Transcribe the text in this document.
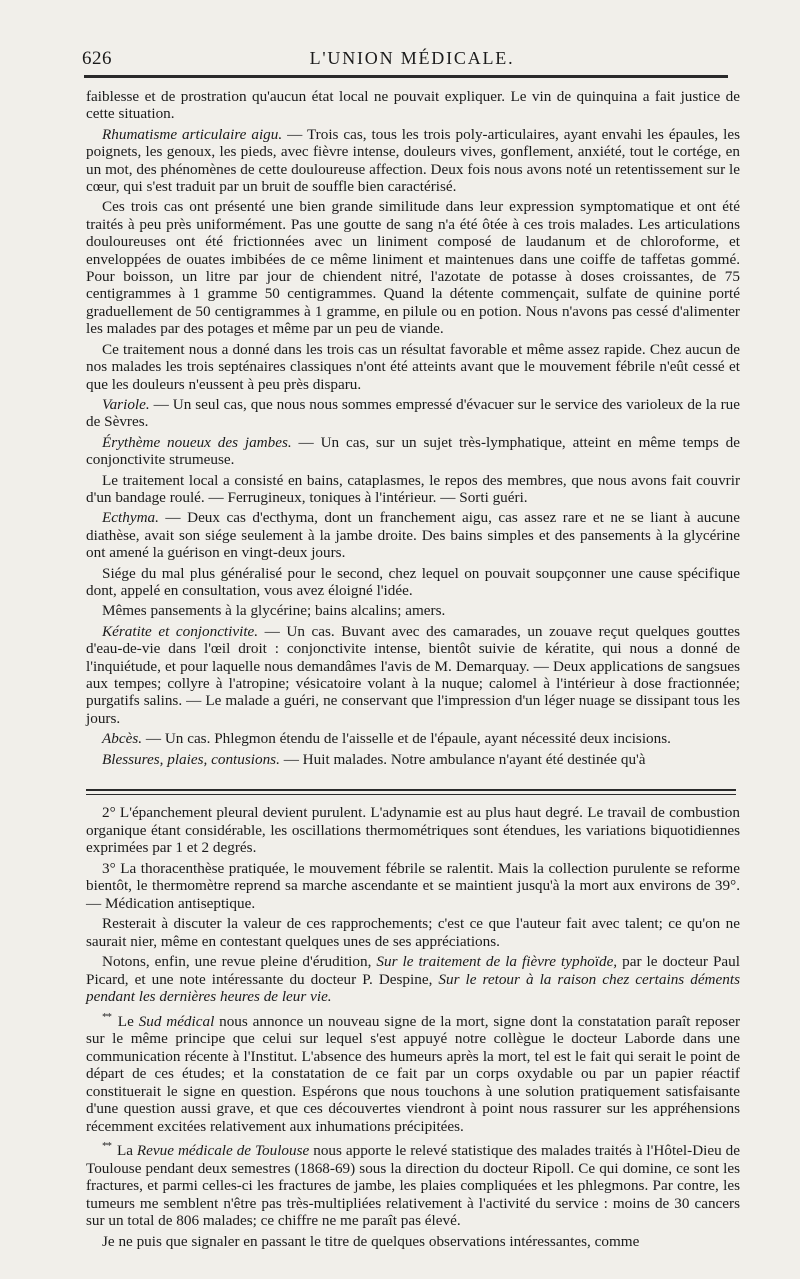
626	L'UNION MÉDICALE.

faiblesse et de prostration qu'aucun état local ne pouvait expliquer. Le vin de quinquina a fait justice de cette situation.

Rhumatisme articulaire aigu. — Trois cas, tous les trois poly-articulaires, ayant envahi les épaules, les poignets, les genoux, les pieds, avec fièvre intense, douleurs vives, gonflement, anxiété, tout le cortége, en un mot, des phénomènes de cette douloureuse affection. Deux fois nous avons noté un retentissement sur le cœur, qui s'est traduit par un bruit de souffle bien caractérisé.

Ces trois cas ont présenté une bien grande similitude dans leur expression symptomatique et ont été traités à peu près uniformément. Pas une goutte de sang n'a été ôtée à ces trois malades. Les articulations douloureuses ont été frictionnées avec un liniment composé de laudanum et de chloroforme, et enveloppées de ouates imbibées de ce même liniment et maintenues dans une coiffe de taffetas gommé. Pour boisson, un litre par jour de chiendent nitré, l'azotate de potasse à doses croissantes, de 75 centigrammes à 1 gramme 50 centigrammes. Quand la détente commençait, sulfate de quinine porté graduellement de 50 centigrammes à 1 gramme, en pilule ou en potion. Nous n'avons pas cessé d'alimenter les malades par des potages et même par un peu de viande.

Ce traitement nous a donné dans les trois cas un résultat favorable et même assez rapide. Chez aucun de nos malades les trois septénaires classiques n'ont été atteints avant que le mouvement fébrile n'eût cessé et que les douleurs n'eussent à peu près disparu.

Variole. — Un seul cas, que nous nous sommes empressé d'évacuer sur le service des varioleux de la rue de Sèvres.

Érythème noueux des jambes. — Un cas, sur un sujet très-lymphatique, atteint en même temps de conjonctivite strumeuse.

Le traitement local a consisté en bains, cataplasmes, le repos des membres, que nous avons fait couvrir d'un bandage roulé. — Ferrugineux, toniques à l'intérieur. — Sorti guéri.

Ecthyma. — Deux cas d'ecthyma, dont un franchement aigu, cas assez rare et ne se liant à aucune diathèse, avait son siége seulement à la jambe droite. Des bains simples et des pansements à la glycérine ont amené la guérison en vingt-deux jours.

Siége du mal plus généralisé pour le second, chez lequel on pouvait soupçonner une cause spécifique dont, appelé en consultation, vous avez éloigné l'idée.

Mêmes pansements à la glycérine; bains alcalins; amers.

Kératite et conjonctivite. — Un cas. Buvant avec des camarades, un zouave reçut quelques gouttes d'eau-de-vie dans l'œil droit : conjonctivite intense, bientôt suivie de kératite, qui nous a donné de l'inquiétude, et pour laquelle nous demandâmes l'avis de M. Demarquay. — Deux applications de sangsues aux tempes; collyre à l'atropine; vésicatoire volant à la nuque; calomel à l'intérieur à dose fractionnée; purgatifs salins. — Le malade a guéri, ne conservant que l'impression d'un léger nuage se dissipant tous les jours.

Abcès. — Un cas. Phlegmon étendu de l'aisselle et de l'épaule, ayant nécessité deux incisions.

Blessures, plaies, contusions. — Huit malades. Notre ambulance n'ayant été destinée qu'à

2° L'épanchement pleural devient purulent. L'adynamie est au plus haut degré. Le travail de combustion organique étant considérable, les oscillations thermométriques sont étendues, les variations biquotidiennes exprimées par 1 et 2 degrés.

3° La thoracenthèse pratiquée, le mouvement fébrile se ralentit. Mais la collection purulente se reforme bientôt, le thermomètre reprend sa marche ascendante et se maintient jusqu'à la mort aux environs de 39°. — Médication antiseptique.

Resterait à discuter la valeur de ces rapprochements; c'est ce que l'auteur fait avec talent; ce qu'on ne saurait nier, même en contestant quelques unes de ses appréciations.

Notons, enfin, une revue pleine d'érudition, Sur le traitement de la fièvre typhoïde, par le docteur Paul Picard, et une note intéressante du docteur P. Despine, Sur le retour à la raison chez certains déments pendant les dernières heures de leur vie.

** Le Sud médical nous annonce un nouveau signe de la mort, signe dont la constatation paraît reposer sur le même principe que celui sur lequel s'est appuyé notre collègue le docteur Laborde dans une communication récente à l'Institut. L'absence des humeurs après la mort, tel est le fait qui serait le point de départ de ces études; et la constatation de ce fait par un corps oxydable ou par un papier réactif constituerait le signe en question. Espérons que nous touchons à une solution pratiquement satisfaisante d'une question aussi grave, et que ces découvertes viendront à point nous rassurer sur les appréhensions récemment excitées relativement aux inhumations précipitées.

** La Revue médicale de Toulouse nous apporte le relevé statistique des malades traités à l'Hôtel-Dieu de Toulouse pendant deux semestres (1868-69) sous la direction du docteur Ripoll. Ce qui domine, ce sont les fractures, et parmi celles-ci les fractures de jambe, les plaies compliquées et les phlegmons. Par contre, les tumeurs me semblent n'être pas très-multipliées relativement à l'activité du service : moins de 30 cancers sur un total de 806 malades; ce chiffre ne me paraît pas élevé.

Je ne puis que signaler en passant le titre de quelques observations intéressantes, comme
